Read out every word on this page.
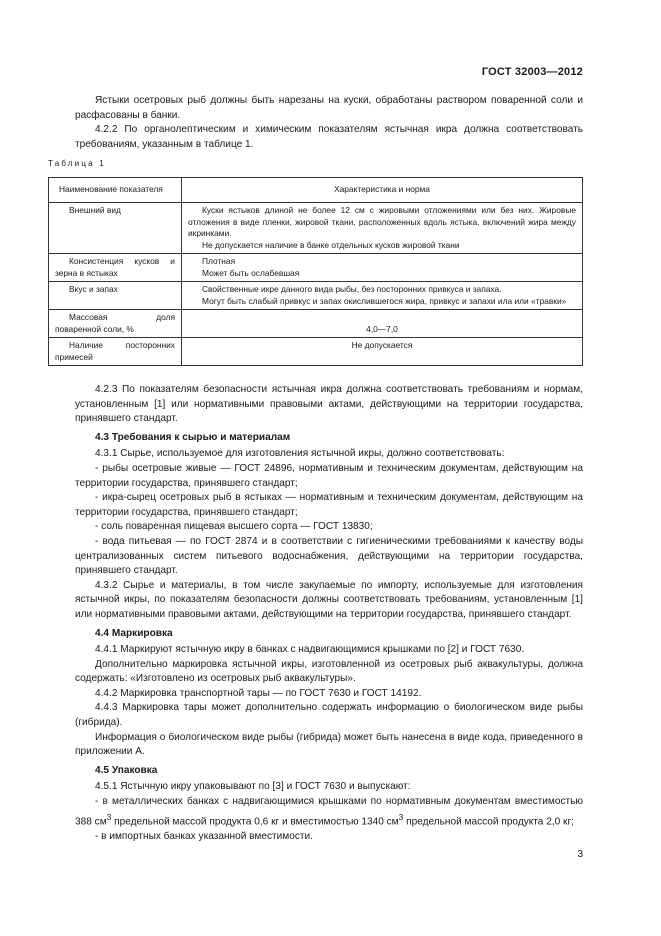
ГОСТ 32003—2012

Ястыки осетровых рыб должны быть нарезаны на куски, обработаны раствором поваренной соли и расфасованы в банки.

4.2.2 По органолептическим и химическим показателям ястычная икра должна соответствовать требованиям, указанным в таблице 1.

Таблица 1
Наименование показателя	Характеристика и норма
Внешний вид	Куски ястыков длиной не более 12 см с жировыми отложениями или без них. Жировые отложения в виде пленки, жировой ткани, расположенных вдоль ястыка, включений жира между икринками.
Не допускается наличие в банке отдельных кусков жировой ткани

Консистенция кусков и зерна в ястыках	Плотная
Может быть ослабевшая

Вкус и запах	Свойственные икре данного вида рыбы, без посторонних привкуса и запаха.
Могут быть слабый привкус и запах окислившегося жира, привкус и запахи ила или «травки»

Массовая доля поваренной соли, %	4,0—7,0
Наличие посторонних примесей	Не допускается

4.2.3 По показателям безопасности ястычная икра должна соответствовать требованиям и нормам, установленным [1] или нормативными правовыми актами, действующими на территории государства, принявшего стандарт.

4.3 Требования к сырью и материалам

4.3.1 Сырье, используемое для изготовления ястычной икры, должно соответствовать:

- рыбы осетровые живые — ГОСТ 24896, нормативным и техническим документам, действующим на территории государства, принявшего стандарт;

- икра-сырец осетровых рыб в ястыках — нормативным и техническим документам, действующим на территории государства, принявшего стандарт;

- соль поваренная пищевая высшего сорта — ГОСТ 13830;

- вода питьевая — по ГОСТ 2874 и в соответствии с гигиеническими требованиями к качеству воды централизованных систем питьевого водоснабжения, действующими на территории государства, принявшего стандарт.

4.3.2 Сырье и материалы, в том числе закупаемые по импорту, используемые для изготовления ястычной икры, по показателям безопасности должны соответствовать требованиям, установленным [1] или нормативными правовыми актами, действующими на территории государства, принявшего стандарт.

4.4 Маркировка

4.4.1 Маркируют ястычную икру в банках с надвигающимися крышками по [2] и ГОСТ 7630.

Дополнительно маркировка ястычной икры, изготовленной из осетровых рыб аквакультуры, должна содержать: «Изготовлено из осетровых рыб аквакультуры».

4.4.2 Маркировка транспортной тары — по ГОСТ 7630 и ГОСТ 14192.

4.4.3 Маркировка тары может дополнительно содержать информацию о биологическом виде рыбы (гибрида).

Информация о биологическом виде рыбы (гибрида) может быть нанесена в виде кода, приведенного в приложении А.

4.5 Упаковка

4.5.1 Ястычную икру упаковывают по [3] и ГОСТ 7630 и выпускают:

- в металлических банках с надвигающимися крышками по нормативным документам вместимостью 388 $см^3$ предельной массой продукта 0,6 кг и вместимостью 1340 $см^3$ предельной массой продукта 2,0 кг;

- в импортных банках указанной вместимости.

3
